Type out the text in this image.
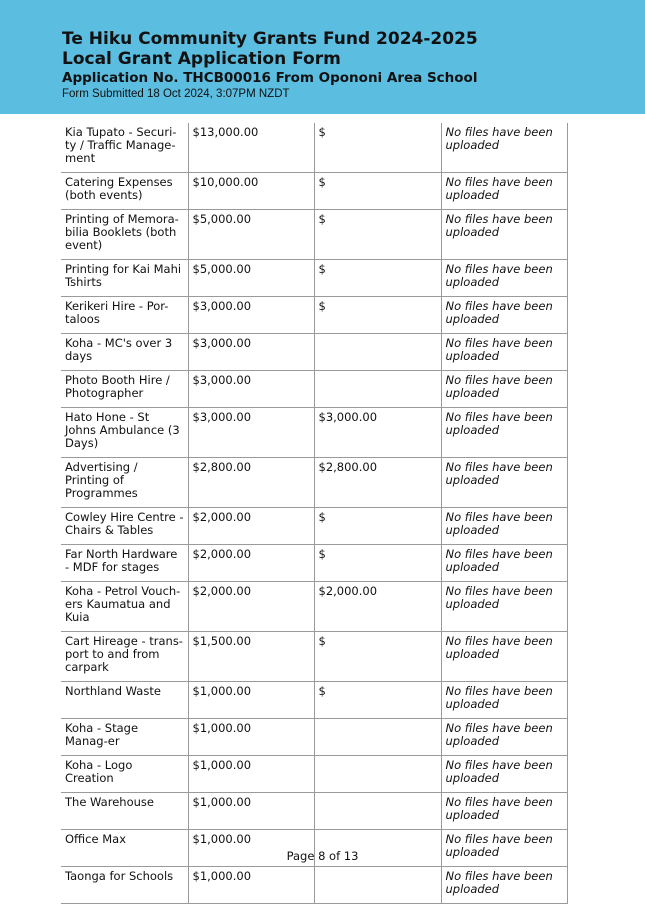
Te Hiku Community Grants Fund 2024-2025
Local Grant Application Form
Application No. THCB00016 From Opononi Area School
Form Submitted 18 Oct 2024, 3:07PM NZDT
Kia Tupato - Securi-ty / Traffic Manage-ment	$13,000.00	$	No files have been uploaded
Catering Expenses (both events)	$10,000.00	$	No files have been uploaded
Printing of Memora-bilia Booklets (both event)	$5,000.00	$	No files have been uploaded
Printing for Kai Mahi Tshirts	$5,000.00	$	No files have been uploaded
Kerikeri Hire - Por-taloos	$3,000.00	$	No files have been uploaded
Koha - MC's over 3 days	$3,000.00		No files have been uploaded
Photo Booth Hire / Photographer	$3,000.00		No files have been uploaded
Hato Hone - St Johns Ambulance (3 Days)	$3,000.00	$3,000.00	No files have been uploaded
Advertising / Printing of Programmes	$2,800.00	$2,800.00	No files have been uploaded
Cowley Hire Centre - Chairs & Tables	$2,000.00	$	No files have been uploaded
Far North Hardware - MDF for stages	$2,000.00	$	No files have been uploaded
Koha - Petrol Vouch-ers Kaumatua and Kuia	$2,000.00	$2,000.00	No files have been uploaded
Cart Hireage - trans-port to and from carpark	$1,500.00	$	No files have been uploaded
Northland Waste	$1,000.00	$	No files have been uploaded
Koha - Stage Manag-er	$1,000.00		No files have been uploaded
Koha - Logo Creation	$1,000.00		No files have been uploaded
The Warehouse	$1,000.00		No files have been uploaded
Office Max	$1,000.00		No files have been uploaded
Taonga for Schools	$1,000.00		No files have been uploaded
Page 8 of 13
